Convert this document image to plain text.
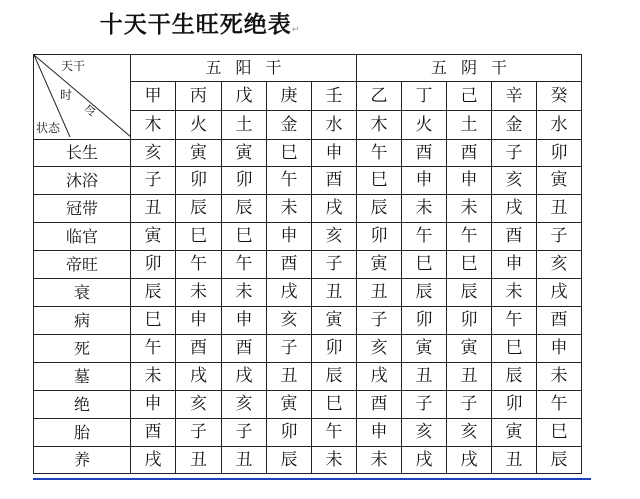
十天干生旺死绝表↵
天干
时
令
状态	五阳干					五阴干				
	甲	丙	戊	庚	壬	乙	丁	己	辛	癸
	木	火	土	金	水	木	火	土	金	水
长生	亥	寅	寅	巳	申	午	酉	酉	子	卯
沐浴	子	卯	卯	午	酉	巳	申	申	亥	寅
冠带	丑	辰	辰	未	戌	辰	未	未	戌	丑
临官	寅	巳	巳	申	亥	卯	午	午	酉	子
帝旺	卯	午	午	酉	子	寅	巳	巳	申	亥
衰	辰	未	未	戌	丑	丑	辰	辰	未	戌
病	巳	申	申	亥	寅	子	卯	卯	午	酉
死	午	酉	酉	子	卯	亥	寅	寅	巳	申
墓	未	戌	戌	丑	辰	戌	丑	丑	辰	未
绝	申	亥	亥	寅	巳	酉	子	子	卯	午
胎	酉	子	子	卯	午	申	亥	亥	寅	巳
养	戌	丑	丑	辰	未	未	戌	戌	丑	辰
